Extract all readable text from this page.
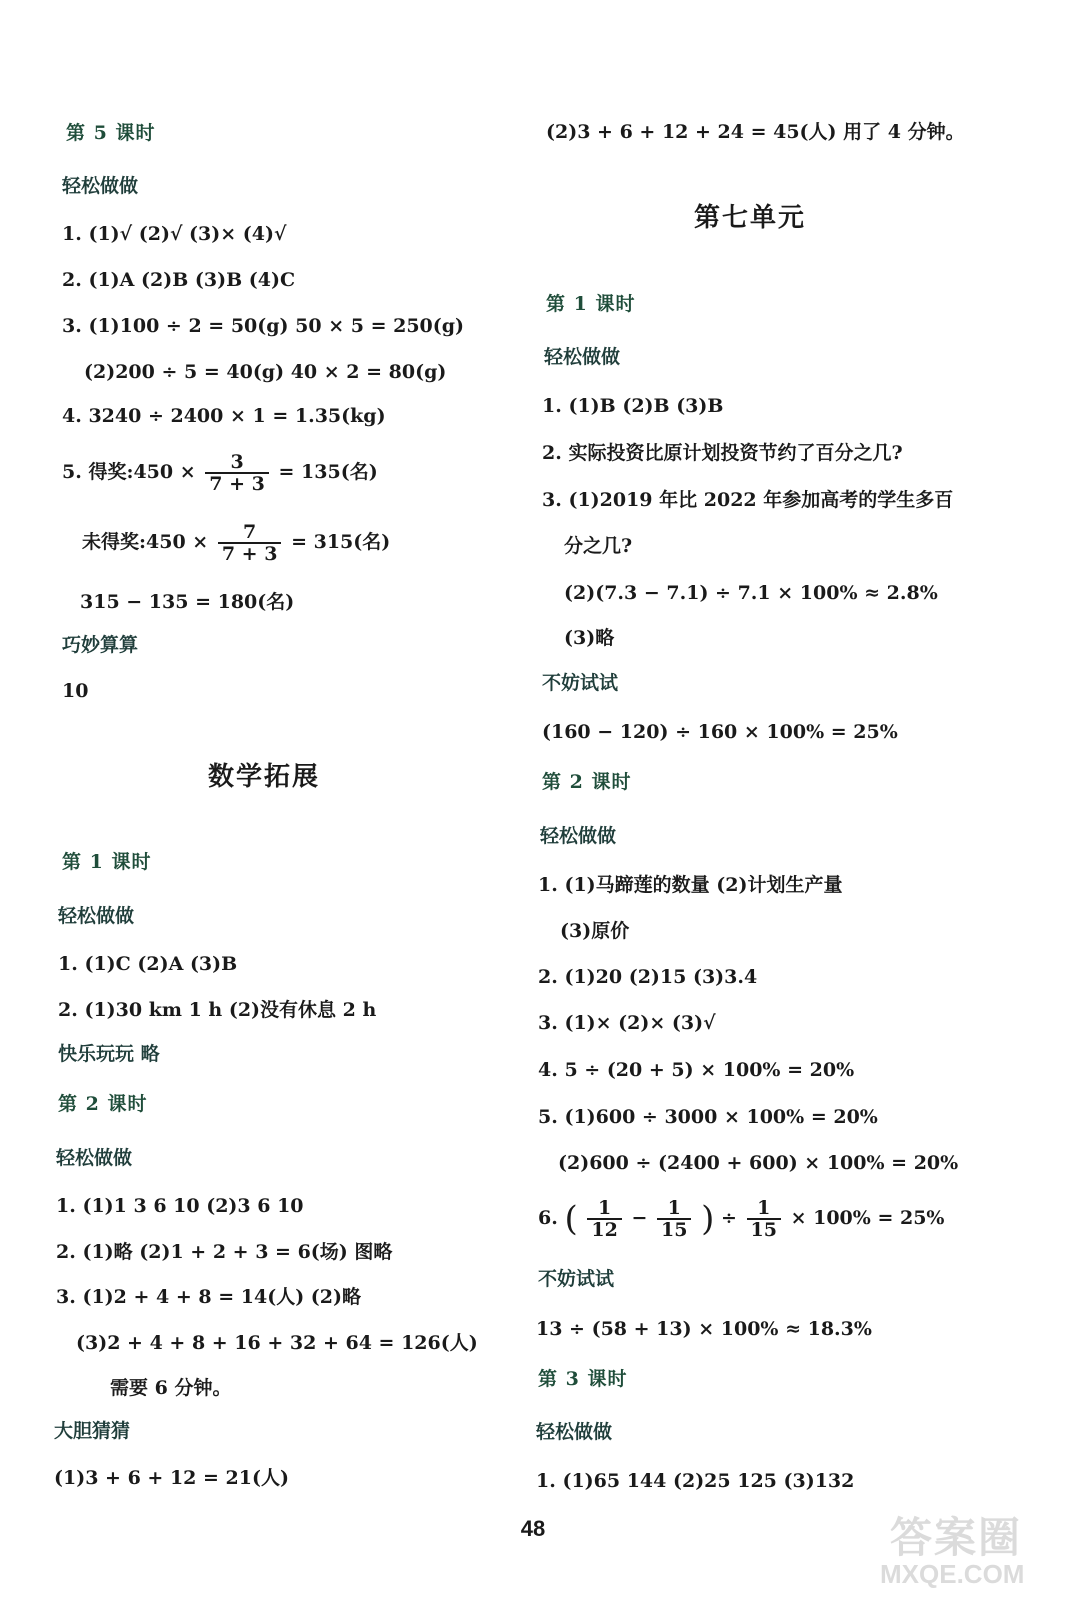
第 5 课时
轻松做做
1. (1)√ (2)√ (3)× (4)√
2. (1)A (2)B (3)B (4)C
3. (1)100 ÷ 2 = 50(g) 50 × 5 = 250(g)
(2)200 ÷ 5 = 40(g) 40 × 2 = 80(g)
4. 3240 ÷ 2400 × 1 = 1.35(kg)
5. 得奖:450 × $\frac{3}{7 + 3} = 135$(名)
未得奖:450 × $\frac{7}{7 + 3} = 315$(名)
315 − 135 = 180(名)
巧妙算算
10
数学拓展
第 1 课时
轻松做做
1. (1)C (2)A (3)B
2. (1)30 km 1 h (2)没有休息 2 h
快乐玩玩 略
第 2 课时
轻松做做
1. (1)1 3 6 10 (2)3 6 10
2. (1)略 (2)1 + 2 + 3 = 6(场) 图略
3. (1)2 + 4 + 8 = 14(人) (2)略
(3)2 + 4 + 8 + 16 + 32 + 64 = 126(人)
需要 6 分钟。
大胆猜猜
(1)3 + 6 + 12 = 21(人)
(2)3 + 6 + 12 + 24 = 45(人) 用了 4 分钟。
第七单元
第 1 课时
轻松做做
1. (1)B (2)B (3)B
2. 实际投资比原计划投资节约了百分之几?
3. (1)2019 年比 2022 年参加高考的学生多百
分之几?
(2)(7.3 − 7.1) ÷ 7.1 × 100% ≈ 2.8%
(3)略
不妨试试
(160 − 120) ÷ 160 × 100% = 25%
第 2 课时
轻松做做
1. (1)马蹄莲的数量 (2)计划生产量
(3)原价
2. (1)20 (2)15 (3)3.4
3. (1)× (2)× (3)√
4. 5 ÷ (20 + 5) × 100% = 20%
5. (1)600 ÷ 3000 × 100% = 20%
(2)600 ÷ (2400 + 600) × 100% = 20%
6. ( $\frac{1}{12} - \frac{1}{15}$ ) ÷ $\frac{1}{15} \times 100\% = 25\%$
不妨试试
13 ÷ (58 + 13) × 100% ≈ 18.3%
第 3 课时
轻松做做
1. (1)65 144 (2)25 125 (3)132
48	答案圈
MXQE.COM
